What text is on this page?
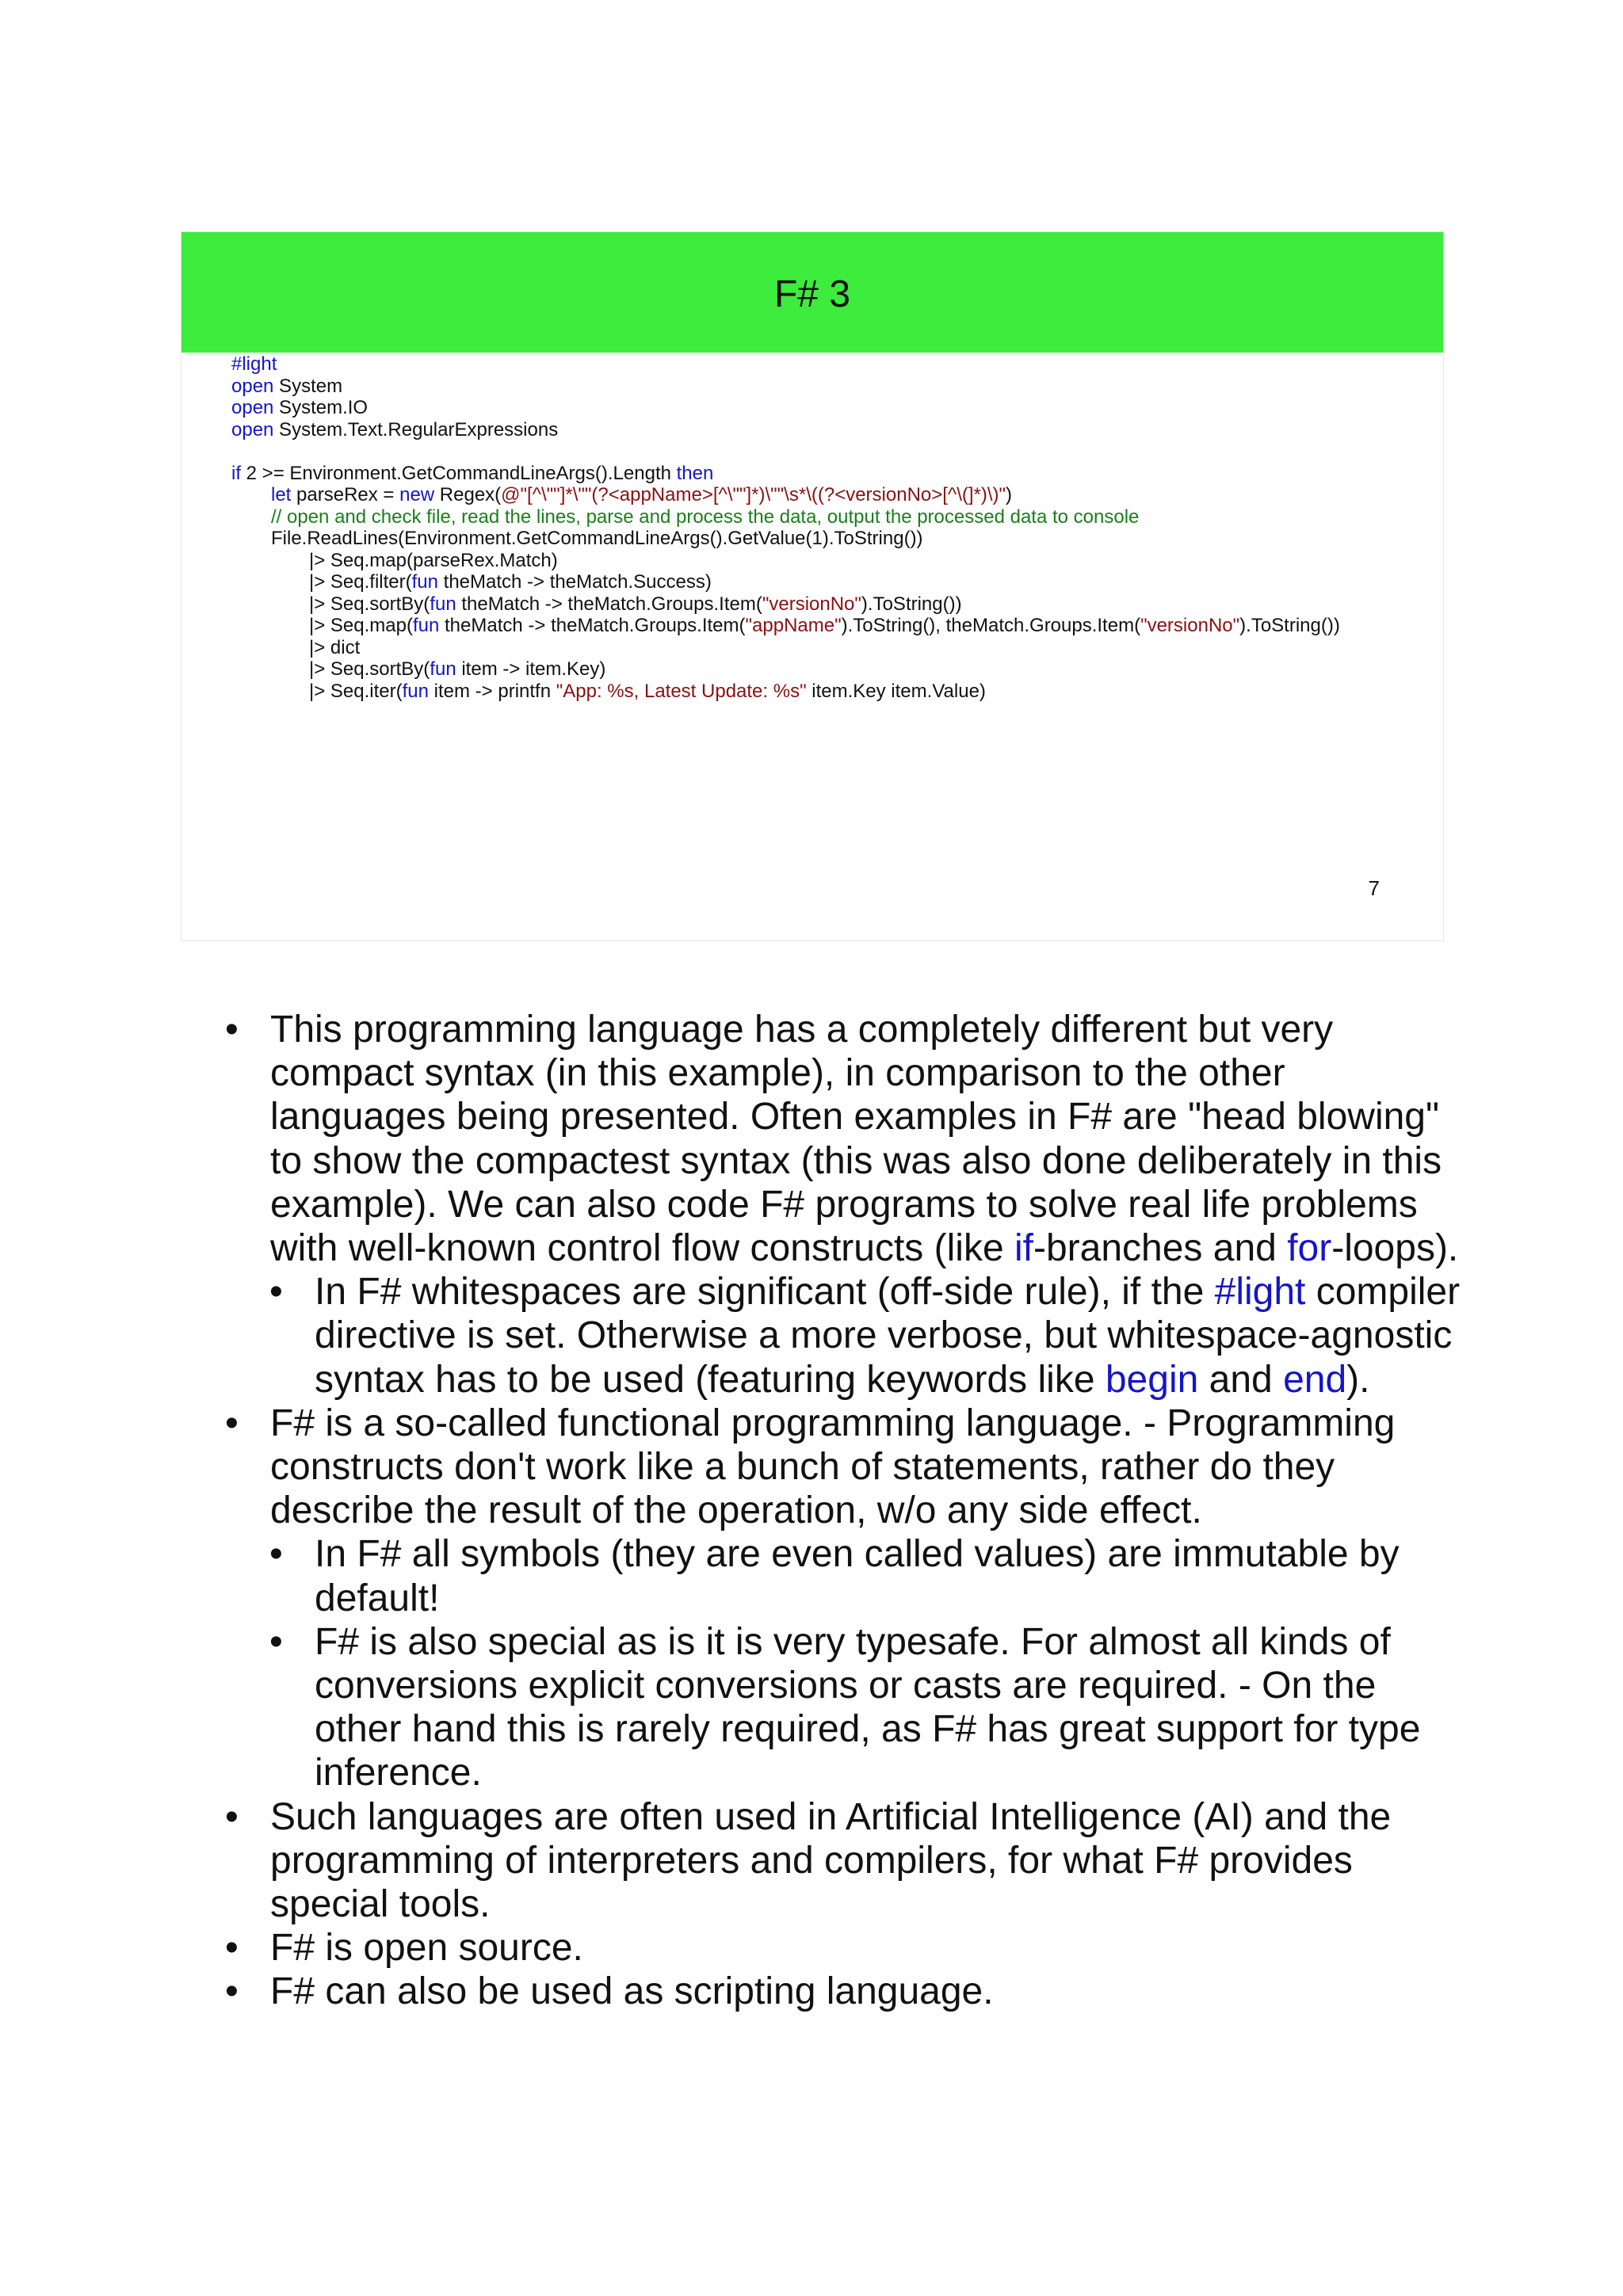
F# 3
#light
open System
open System.IO
open System.Text.RegularExpressions
if 2 >= Environment.GetCommandLineArgs().Length then
let parseRex = new Regex(@"[^\""]*\""(?<appName>[^\""]*)\""\s*\((?<versionNo>[^\(]*)\)")
// open and check file, read the lines, parse and process the data, output the processed data to console
File.ReadLines(Environment.GetCommandLineArgs().GetValue(1).ToString())
|> Seq.map(parseRex.Match)
|> Seq.filter(fun theMatch -> theMatch.Success)
|> Seq.sortBy(fun theMatch -> theMatch.Groups.Item("versionNo").ToString())
|> Seq.map(fun theMatch -> theMatch.Groups.Item("appName").ToString(), theMatch.Groups.Item("versionNo").ToString())
|> dict
|> Seq.sortBy(fun item -> item.Key)
|> Seq.iter(fun item -> printfn "App: %s, Latest Update: %s" item.Key item.Value)
7
• This programming language has a completely different but very compact syntax (in this example), in comparison to the other languages being presented. Often examples in F# are "head blowing" to show the compactest syntax (this was also done deliberately in this example). We can also code F# programs to solve real life problems with well-known control flow constructs (like if-branches and for-loops).
• In F# whitespaces are significant (off-side rule), if the #light compiler directive is set. Otherwise a more verbose, but whitespace-agnostic syntax has to be used (featuring keywords like begin and end).
• F# is a so-called functional programming language. - Programming constructs don't work like a bunch of statements, rather do they describe the result of the operation, w/o any side effect.
• In F# all symbols (they are even called values) are immutable by default!
• F# is also special as is it is very typesafe. For almost all kinds of conversions explicit conversions or casts are required. - On the other hand this is rarely required, as F# has great support for type inference.
• Such languages are often used in Artificial Intelligence (AI) and the programming of interpreters and compilers, for what F# provides special tools.
• F# is open source.
• F# can also be used as scripting language.
